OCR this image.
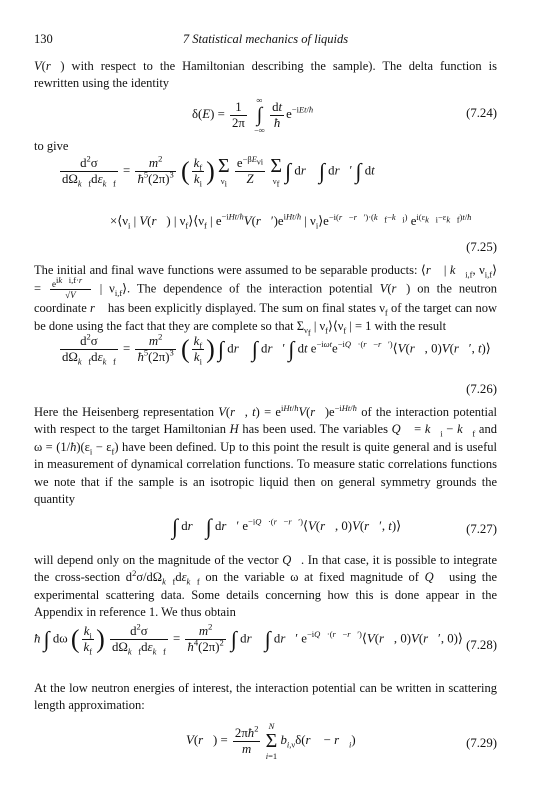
130	7 Statistical mechanics of liquids
V(r⃗) with respect to the Hamiltonian describing the sample). The delta function is rewritten using the identity
$\delta(E) = \frac{1}{2\pi}$ ∞
∫
−∞ $\frac{dt}{ħ} e^{-iEt/ħ}$	(7.24)
to give
$\frac{d^2\sigma}{d\Omega_{k⃗f}d\varepsilon_{k⃗f}} = \frac{m^2}{ħ^5(2\pi)^3}$ ( $\frac{k_f}{k_i}$ ) Σ
$\nu_i \frac{e^{-\beta E_{\nu i}}}{Z}$
Σ
$\nu_f$ ∫ dr⃗ ∫ dr⃗′ ∫ dt
$\times⟨\nu_i$ | V(r⃗) | $\nu_f⟩⟨\nu_f$ | $e^{-iHt/ħ}V(r⃗')e^{iHt/ħ}$ | $\nu_i⟩e^{-i(r⃗-r⃗')\cdot(k⃗_f-k⃗_i)}$ $e^{i(\varepsilon_{k⃗i}-\varepsilon_{k⃗f})t/ħ}$
(7.25)
The initial and final wave functions were assumed to be separable products: ⟨r⃗ | $k⃗_{i,f}$, $\nu_{i,f}⟩ = \frac{e^{ik⃗i,f\cdot r⃗}}{√V}$ | $\nu_{i,f}⟩$. The dependence of the interaction potential V(r⃗) on the neutron coordinate r⃗ has been explicitly displayed. The sum on final states $\nu_f$ of the target can now be done using the fact that they are complete so that $\Sigma_{\nu_f}$ | $\nu_f⟩⟨\nu_f$ | = 1 with the result
$\frac{d^2\sigma}{d\Omega_{k⃗f}d\varepsilon_{k⃗f}} = \frac{m^2}{ħ^5(2\pi)^3}$ ( $\frac{k_f}{k_i}$ ) ∫ dr⃗ ∫ dr⃗′ ∫ dt $e^{-i\omega t}e^{-iQ⃗\cdot(r⃗-r⃗')}⟨V(r⃗$, 0)V(r⃗′, t)⟩
(7.26)
Here the Heisenberg representation V(r⃗, $t) = e^{iHt/ħ}V(r⃗)e^{-iHt/ħ}$ of the interaction potential with respect to the target Hamiltonian H has been used. The variables Q⃗ = $k⃗_i$ − $k⃗_f$ and $\omega = (1/ħ)(\varepsilon_i - \varepsilon_f)$ have been defined. Up to this point the result is quite general and is useful in measurement of dynamical correlation functions. To measure static correlations functions we note that if the sample is an isotropic liquid then on general symmetry grounds the quantity
∫ dr⃗ ∫ dr⃗′ $e^{-iQ⃗\cdot(r⃗-r⃗')}⟨V(r⃗$, 0)V(r⃗′, t)⟩	(7.27)
will depend only on the magnitude of the vector Q⃗. In that case, it is possible to integrate the cross-section $d^2\sigma/d\Omega_{k⃗f}d\varepsilon_{k⃗f}$ on the variable ω at fixed magnitude of Q⃗ using the experimental scattering data. Some details concerning how this is done appear in the Appendix in reference 1. We thus obtain
ħ ∫ dω ( $\frac{k_i}{k_f}$ ) $\frac{d^2\sigma}{d\Omega_{k⃗f}d\varepsilon_{k⃗f}} = \frac{m^2}{ħ^4(2\pi)^2}$ ∫ dr⃗ ∫ dr⃗′ $e^{-iQ⃗\cdot(r⃗-r⃗')}⟨V(r⃗$, 0)V(r⃗′, 0)⟩ (7.28)
At the low neutron energies of interest, the interaction potential can be written in scattering length approximation:
V(r⃗) = $\frac{2\pi ħ^2}{m}$ N
Σ
i=1 $b_{i,\nu}\delta(r⃗$ − $r⃗_i$)	(7.29)
